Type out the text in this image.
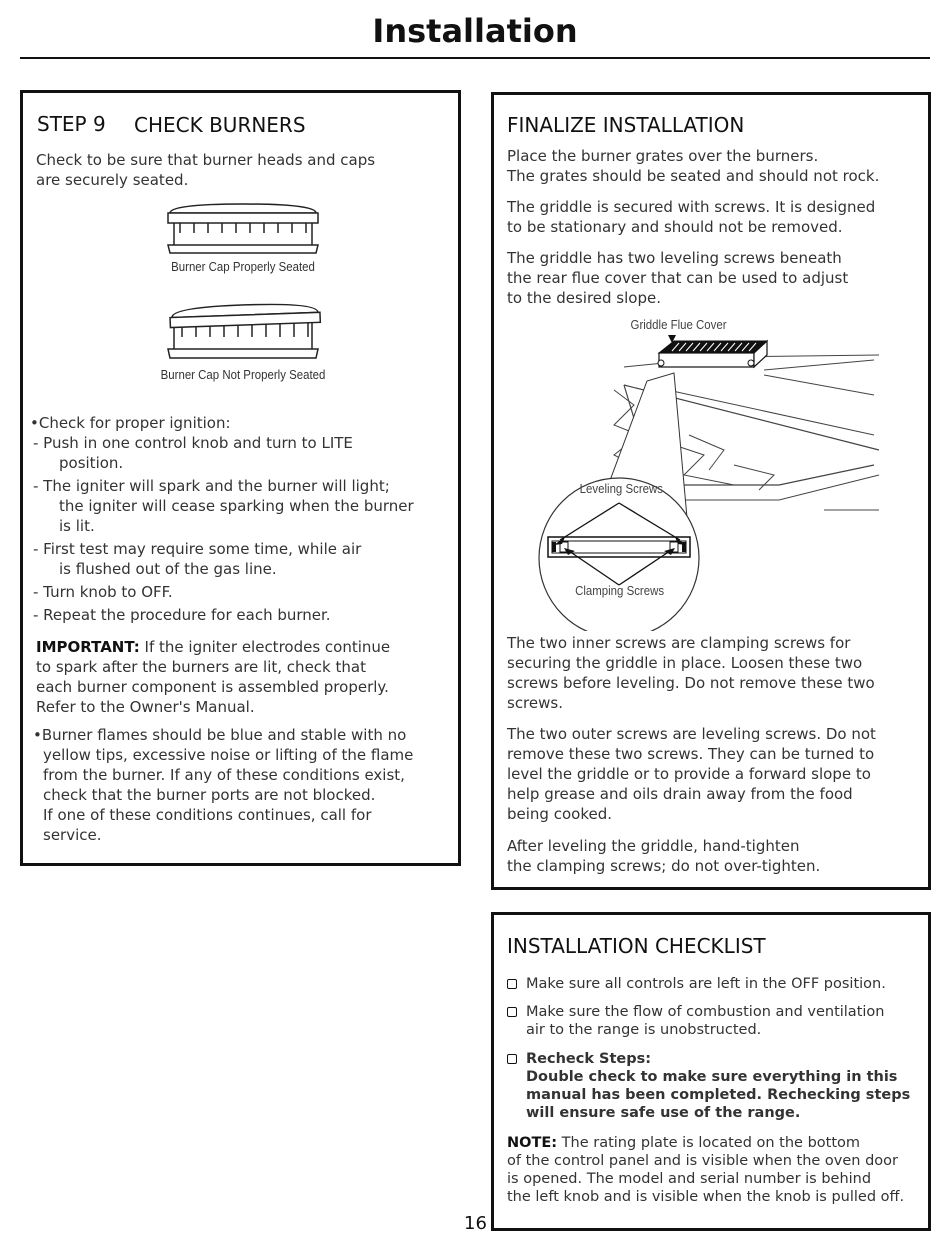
Installation
STEP 9 CHECK BURNERS
Check to be sure that burner heads and caps
are securely seated.
Burner Cap Properly Seated
Burner Cap Not Properly Seated
•Check for proper ignition:
- Push in one control knob and turn to LITE
position.
- The igniter will spark and the burner will light;
the igniter will cease sparking when the burner
is lit.
- First test may require some time, while air
is flushed out of the gas line.
- Turn knob to OFF.
- Repeat the procedure for each burner.
IMPORTANT: If the igniter electrodes continue
to spark after the burners are lit, check that
each burner component is assembled properly.
Refer to the Owner's Manual.
•Burner flames should be blue and stable with no
yellow tips, excessive noise or lifting of the flame
from the burner. If any of these conditions exist,
check that the burner ports are not blocked.
If one of these conditions continues, call for
service.
FINALIZE INSTALLATION
Place the burner grates over the burners.
The grates should be seated and should not rock.
The griddle is secured with screws. It is designed
to be stationary and should not be removed.
The griddle has two leveling screws beneath
the rear flue cover that can be used to adjust
to the desired slope.
Griddle Flue Cover
Leveling Screws
Clamping Screws
The two inner screws are clamping screws for
securing the griddle in place. Loosen these two
screws before leveling. Do not remove these two
screws.
The two outer screws are leveling screws. Do not
remove these two screws. They can be turned to
level the griddle or to provide a forward slope to
help grease and oils drain away from the food
being cooked.
After leveling the griddle, hand-tighten
the clamping screws; do not over-tighten.
INSTALLATION CHECKLIST
Make sure all controls are left in the OFF position.
Make sure the flow of combustion and ventilation
air to the range is unobstructed.
Recheck Steps:
Double check to make sure everything in this
manual has been completed. Rechecking steps
will ensure safe use of the range.
NOTE: The rating plate is located on the bottom
of the control panel and is visible when the oven door
is opened. The model and serial number is behind
the left knob and is visible when the knob is pulled off.
16
